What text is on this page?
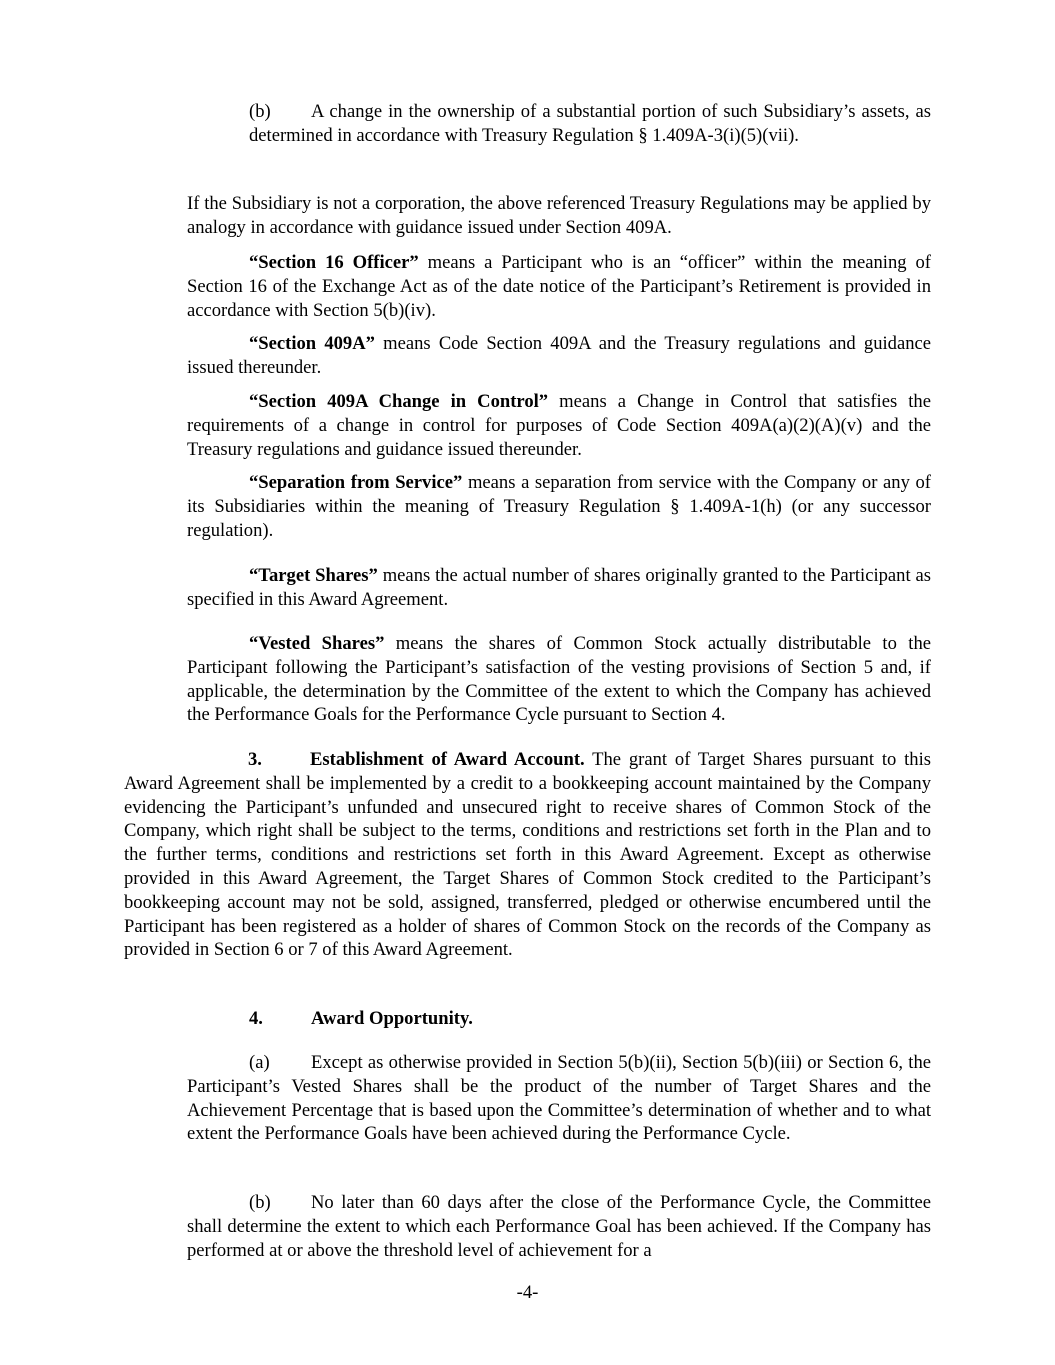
(b) A change in the ownership of a substantial portion of such Subsidiary’s assets, as determined in accordance with Treasury Regulation § 1.409A-3(i)(5)(vii).

If the Subsidiary is not a corporation, the above referenced Treasury Regulations may be applied by analogy in accordance with guidance issued under Section 409A.

“Section 16 Officer” means a Participant who is an “officer” within the meaning of Section 16 of the Exchange Act as of the date notice of the Participant’s Retirement is provided in accordance with Section 5(b)(iv).

“Section 409A” means Code Section 409A and the Treasury regulations and guidance issued thereunder.

“Section 409A Change in Control” means a Change in Control that satisfies the requirements of a change in control for purposes of Code Section 409A(a)(2)(A)(v) and the Treasury regulations and guidance issued thereunder.

“Separation from Service” means a separation from service with the Company or any of its Subsidiaries within the meaning of Treasury Regulation § 1.409A-1(h) (or any successor regulation).

“Target Shares” means the actual number of shares originally granted to the Participant as specified in this Award Agreement.

“Vested Shares” means the shares of Common Stock actually distributable to the Participant following the Participant’s satisfaction of the vesting provisions of Section 5 and, if applicable, the determination by the Committee of the extent to which the Company has achieved the Performance Goals for the Performance Cycle pursuant to Section 4.

3.	Establishment of Award Account. The grant of Target Shares pursuant to this Award Agreement shall be implemented by a credit to a bookkeeping account maintained by the Company evidencing the Participant’s unfunded and unsecured right to receive shares of Common Stock of the Company, which right shall be subject to the terms, conditions and restrictions set forth in the Plan and to the further terms, conditions and restrictions set forth in this Award Agreement. Except as otherwise provided in this Award Agreement, the Target Shares of Common Stock credited to the Participant’s bookkeeping account may not be sold, assigned, transferred, pledged or otherwise encumbered until the Participant has been registered as a holder of shares of Common Stock on the records of the Company as provided in Section 6 or 7 of this Award Agreement.

4.	Award Opportunity.

(a) Except as otherwise provided in Section 5(b)(ii), Section 5(b)(iii) or Section 6, the Participant’s Vested Shares shall be the product of the number of Target Shares and the Achievement Percentage that is based upon the Committee’s determination of whether and to what extent the Performance Goals have been achieved during the Performance Cycle.

(b) No later than 60 days after the close of the Performance Cycle, the Committee shall determine the extent to which each Performance Goal has been achieved. If the Company has performed at or above the threshold level of achievement for a

-4-
